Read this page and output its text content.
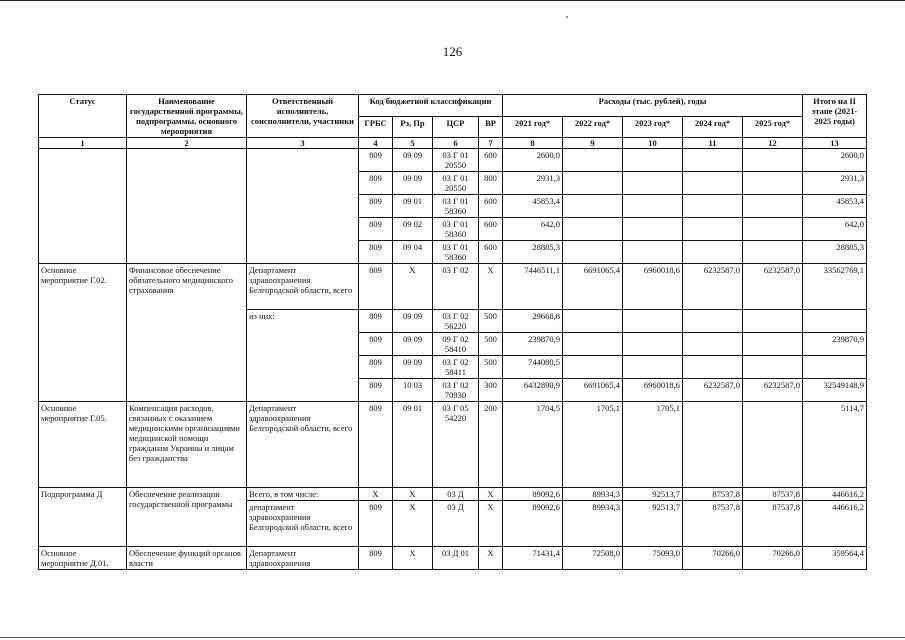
126
Статус	Наименование государственной программы, подпрограммы, основного мероприятия	Ответственный исполнитель, соисполнители, участники	Код бюджетной классификации				Расходы (тыс. рублей), годы					Итого на II этапе (2021-2025 годы)
			ГРБС	Рз, Пр	ЦСР	ВР	2021 год*	2022 год*	2023 год*	2024 год*	2025 год*	
1	2	3	4	5	6	7	8	9	10	11	12	13
			809	09 09	03 Г 01 20550	600	2600,0					2600,0
			809	09 09	03 Г 01 20550	800	2931,3					2931,3
			809	09 01	03 Г 01 58360	600	45853,4					45853,4
			809	09 02	03 Г 01 58360	600	642,0					642,0
			809	09 04	03 Г 01 58360	600	28885,3					28885,3
Основное мероприятие Г.02.	Финансовое обеспечение обязательного медицинского страхования	Департамент здравоохранения Белгородской области, всего	809	Х	03 Г 02	Х	7446511,1	6691065,4	6960018,6	6232587,0	6232587,0	33562769,1
		из них:	809	09 09	03 Г 02 56220	500	29668,8					
			809	09 09	09 Г 02 58410	500	239870,9					239870,9
			809	09 09	03 Г 02 58411	500	744080,5					
			809	10 03	03 Г 02 70930	300	6432890,9	6691065,4	6960018,6	6232587,0	6232587,0	32549148,9
Основное мероприятие Г.05.	Компенсация расходов, связанных с оказанием медицинскими организациями медицинской помощи гражданам Украины и лицам без гражданства	Департамент здравоохранения Белгородской области, всего	809	09 01	03 Г 05 54220	200	1704,5	1705,1	1705,1			5114,7
Подпрограмма Д	Обеспечение реализации государственной программы	Всего, в том числе:	Х	Х	03 Д	Х	89092,6	89934,3	92513,7	87537,8	87537,8	446616,2
		департамент здравоохранения Белгородской области, всего	809	Х	03 Д	Х	89092,6	89934,3	92513,7	87537,8	87537,8	446616,2
Основное мероприятие Д.01.	Обеспечение функций органов власти	Департамент здравоохранения	809	Х	03 Д 01	Х	71431,4	72508,0	75093,0	70266,0	70266,0	359564,4
